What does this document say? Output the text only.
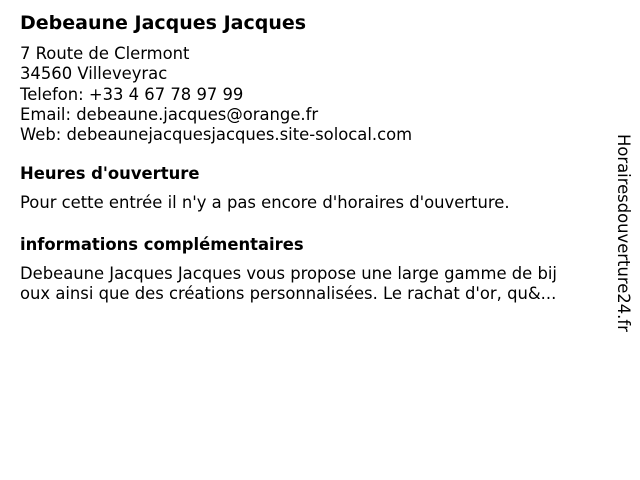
Debeaune Jacques Jacques
7 Route de Clermont
34560 Villeveyrac
Telefon: +33 4 67 78 97 99
Email: debeaune.jacques@orange.fr
Web: debeaunejacquesjacques.site-solocal.com
Heures d'ouverture
Pour cette entrée il n'y a pas encore d'horaires d'ouverture.
informations complémentaires
Debeaune Jacques Jacques vous propose une large gamme de bij
oux ainsi que des créations personnalisées. Le rachat d'or, qu&...	Horairesdouverture24.fr
